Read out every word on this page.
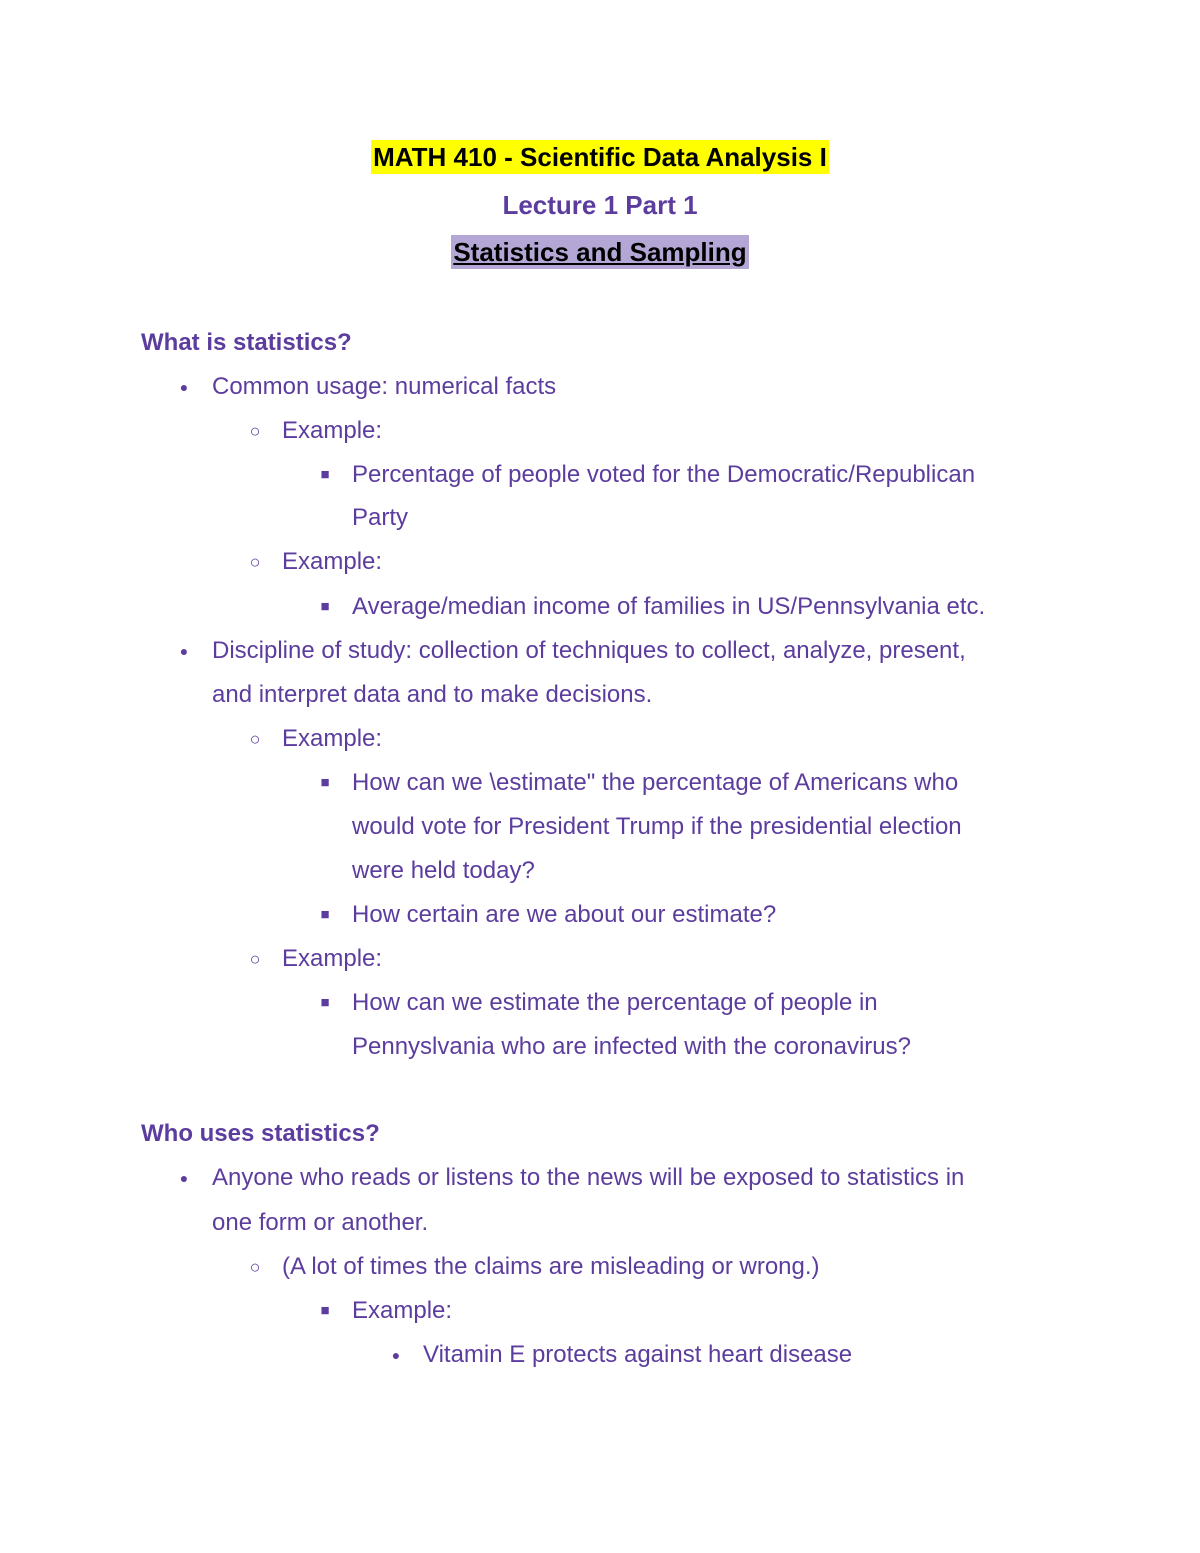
MATH 410 - Scientific Data Analysis I
Lecture 1 Part 1
Statistics and Sampling
What is statistics?
● Common usage: numerical facts
○ Example:
■ Percentage of people voted for the Democratic/Republican
Party
○ Example:
■ Average/median income of families in US/Pennsylvania etc.
● Discipline of study: collection of techniques to collect, analyze, present,
and interpret data and to make decisions.
○ Example:
■ How can we \estimate" the percentage of Americans who
would vote for President Trump if the presidential election
were held today?
■ How certain are we about our estimate?
○ Example:
■ How can we estimate the percentage of people in
Pennyslvania who are infected with the coronavirus?
Who uses statistics?
● Anyone who reads or listens to the news will be exposed to statistics in
one form or another.
○ (A lot of times the claims are misleading or wrong.)
■ Example:
● Vitamin E protects against heart disease
